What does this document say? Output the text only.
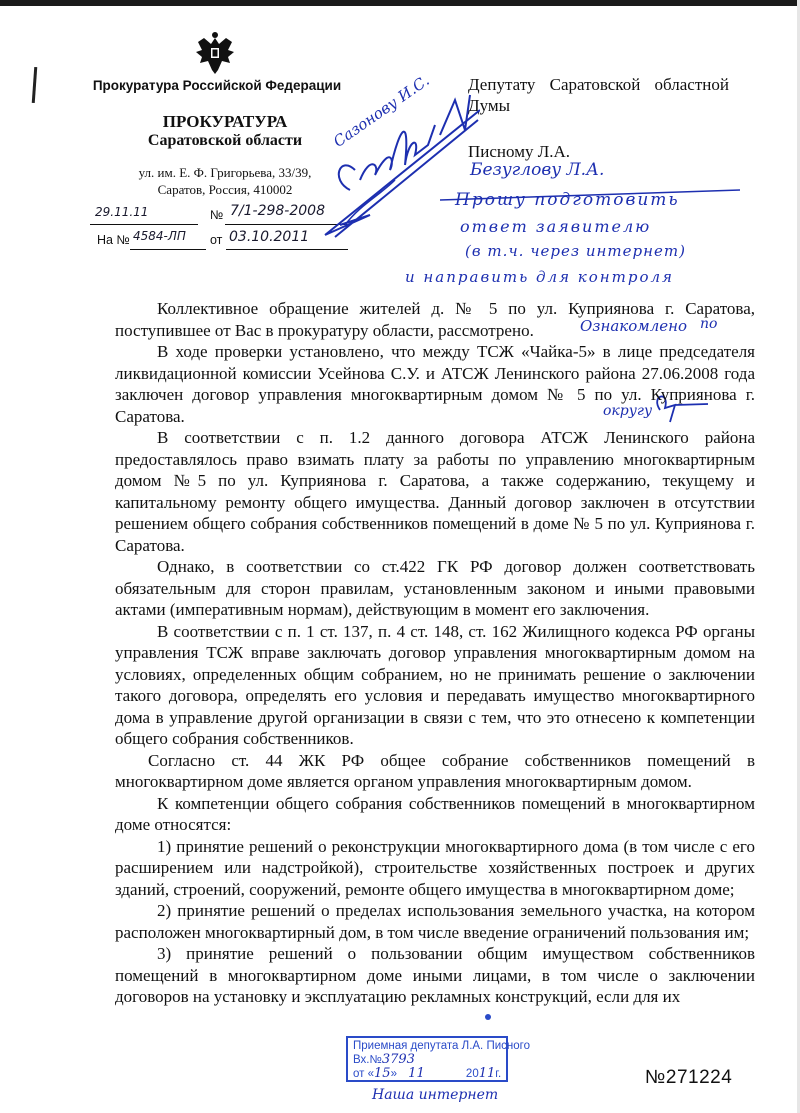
Прокуратура Российской Федерации
ПРОКУРАТУРА
Саратовской области
ул. им. Е. Ф. Григорьева, 33/39,
Саратов, Россия, 410002
29.11.11	№ 7/1-298-2008
На № 4584-ЛП от 03.10.2011
Депутату Саратовской областной
Думы
Писному Л.А.
Безуглову Л.А.
Прошу подготовить
ответ заявителю
(в т.ч. через интернет)
и направить для контроля
Сазонову И.С.
Ознакомлено по
округу

Коллективное обращение жителей д. № 5 по ул. Куприянова г. Саратова, поступившее от Вас в прокуратуру области, рассмотрено.

В ходе проверки установлено, что между ТСЖ «Чайка-5» в лице председателя ликвидационной комиссии Усейнова С.У. и АТСЖ Ленинского района 27.06.2008 года заключен договор управления многоквартирным домом № 5 по ул. Куприянова г. Саратова.

В соответствии с п. 1.2 данного договора АТСЖ Ленинского района предоставлялось право взимать плату за работы по управлению многоквартирным домом №5 по ул. Куприянова г. Саратова, а также содержанию, текущему и капитальному ремонту общего имущества. Данный договор заключен в отсутствии решением общего собрания собственников помещений в доме № 5 по ул. Куприянова г. Саратова.

Однако, в соответствии со ст.422 ГК РФ договор должен соответствовать обязательным для сторон правилам, установленным законом и иными правовыми актами (императивным нормам), действующим в момент его заключения.

В соответствии с п. 1 ст. 137, п. 4 ст. 148, ст. 162 Жилищного кодекса РФ органы управления ТСЖ вправе заключать договор управления многоквартирным домом на условиях, определенных общим собранием, но не принимать решение о заключении такого договора, определять его условия и передавать имущество многоквартирного дома в управление другой организации в связи с тем, что это отнесено к компетенции общего собрания собственников.

Согласно ст. 44 ЖК РФ общее собрание собственников помещений в многоквартирном доме является органом управления многоквартирным домом.

К компетенции общего собрания собственников помещений в многоквартирном доме относятся:

1) принятие решений о реконструкции многоквартирного дома (в том числе с его расширением или надстройкой), строительстве хозяйственных построек и других зданий, строений, сооружений, ремонте общего имущества в многоквартирном доме;

2) принятие решений о пределах использования земельного участка, на котором расположен многоквартирный дом, в том числе введение ограничений пользования им;

3) принятие решений о пользовании общим имуществом собственников помещений в многоквартирном доме иными лицами, в том числе о заключении договоров на установку и эксплуатацию рекламных конструкций, если для их

Приемная депутата Л.А. Писного
Вх.№3793
от «15» 11	2011г.
Наша интернет
№271224
